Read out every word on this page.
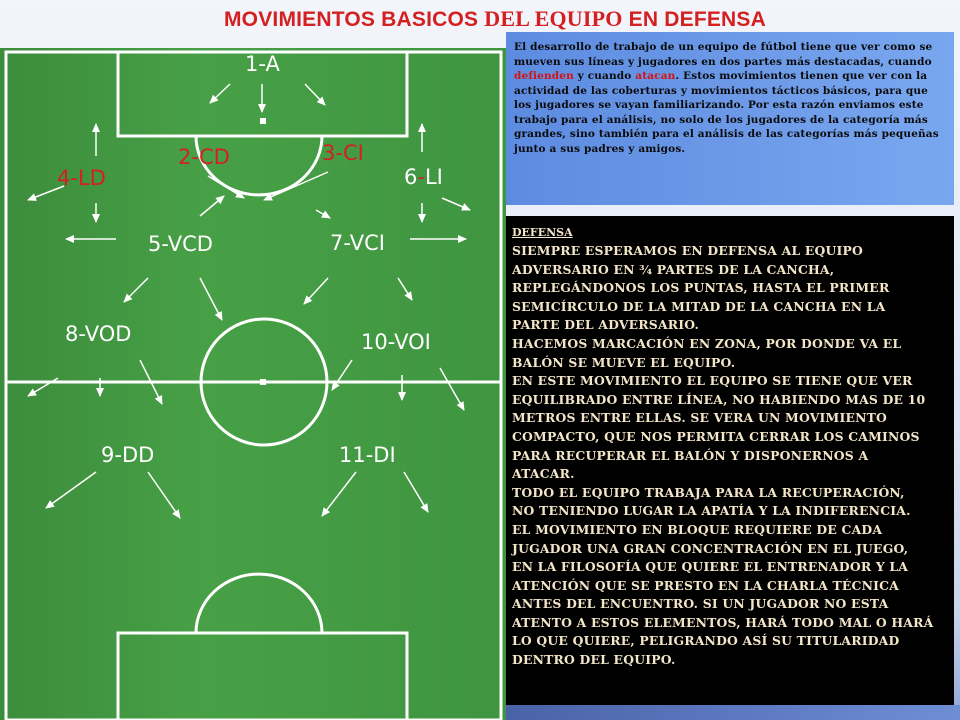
MOVIMIENTOS BASICOS DEL EQUIPO EN DEFENSA
1-A
2-CD	3-CI
4-LD	6-LI
5-VCD	7-VCI
8-VOD	10-VOI
9-DD	11-DI

El desarrollo de trabajo de un equipo de fútbol tiene que ver como se mueven sus líneas y jugadores en dos partes más destacadas, cuando defienden y cuando atacan. Estos movimientos tienen que ver con la actividad de las coberturas y movimientos tácticos básicos, para que los jugadores se vayan familiarizando. Por esta razón enviamos este trabajo para el análisis, no solo de los jugadores de la categoría más grandes, sino también para el análisis de las categorías más pequeñas junto a sus padres y amigos.

DEFENSA
SIEMPRE ESPERAMOS EN DEFENSA AL EQUIPO
ADVERSARIO EN ¾ PARTES DE LA CANCHA,
REPLEGÁNDONOS LOS PUNTAS, HASTA EL PRIMER
SEMICÍRCULO DE LA MITAD DE LA CANCHA EN LA
PARTE DEL ADVERSARIO.
HACEMOS MARCACIÓN EN ZONA, POR DONDE VA EL
BALÓN SE MUEVE EL EQUIPO.
EN ESTE MOVIMIENTO EL EQUIPO SE TIENE QUE VER
EQUILIBRADO ENTRE LÍNEA, NO HABIENDO MAS DE 10
METROS ENTRE ELLAS. SE VERA UN MOVIMIENTO
COMPACTO, QUE NOS PERMITA CERRAR LOS CAMINOS
PARA RECUPERAR EL BALÓN Y DISPONERNOS A
ATACAR.
TODO EL EQUIPO TRABAJA PARA LA RECUPERACIÓN,
NO TENIENDO LUGAR LA APATÍA Y LA INDIFERENCIA.
EL MOVIMIENTO EN BLOQUE REQUIERE DE CADA
JUGADOR UNA GRAN CONCENTRACIÓN EN EL JUEGO,
EN LA FILOSOFÍA QUE QUIERE EL ENTRENADOR Y LA
ATENCIÓN QUE SE PRESTO EN LA CHARLA TÉCNICA
ANTES DEL ENCUENTRO. SI UN JUGADOR NO ESTA
ATENTO A ESTOS ELEMENTOS, HARÁ TODO MAL O HARÁ
LO QUE QUIERE, PELIGRANDO ASÍ SU TITULARIDAD
DENTRO DEL EQUIPO.
